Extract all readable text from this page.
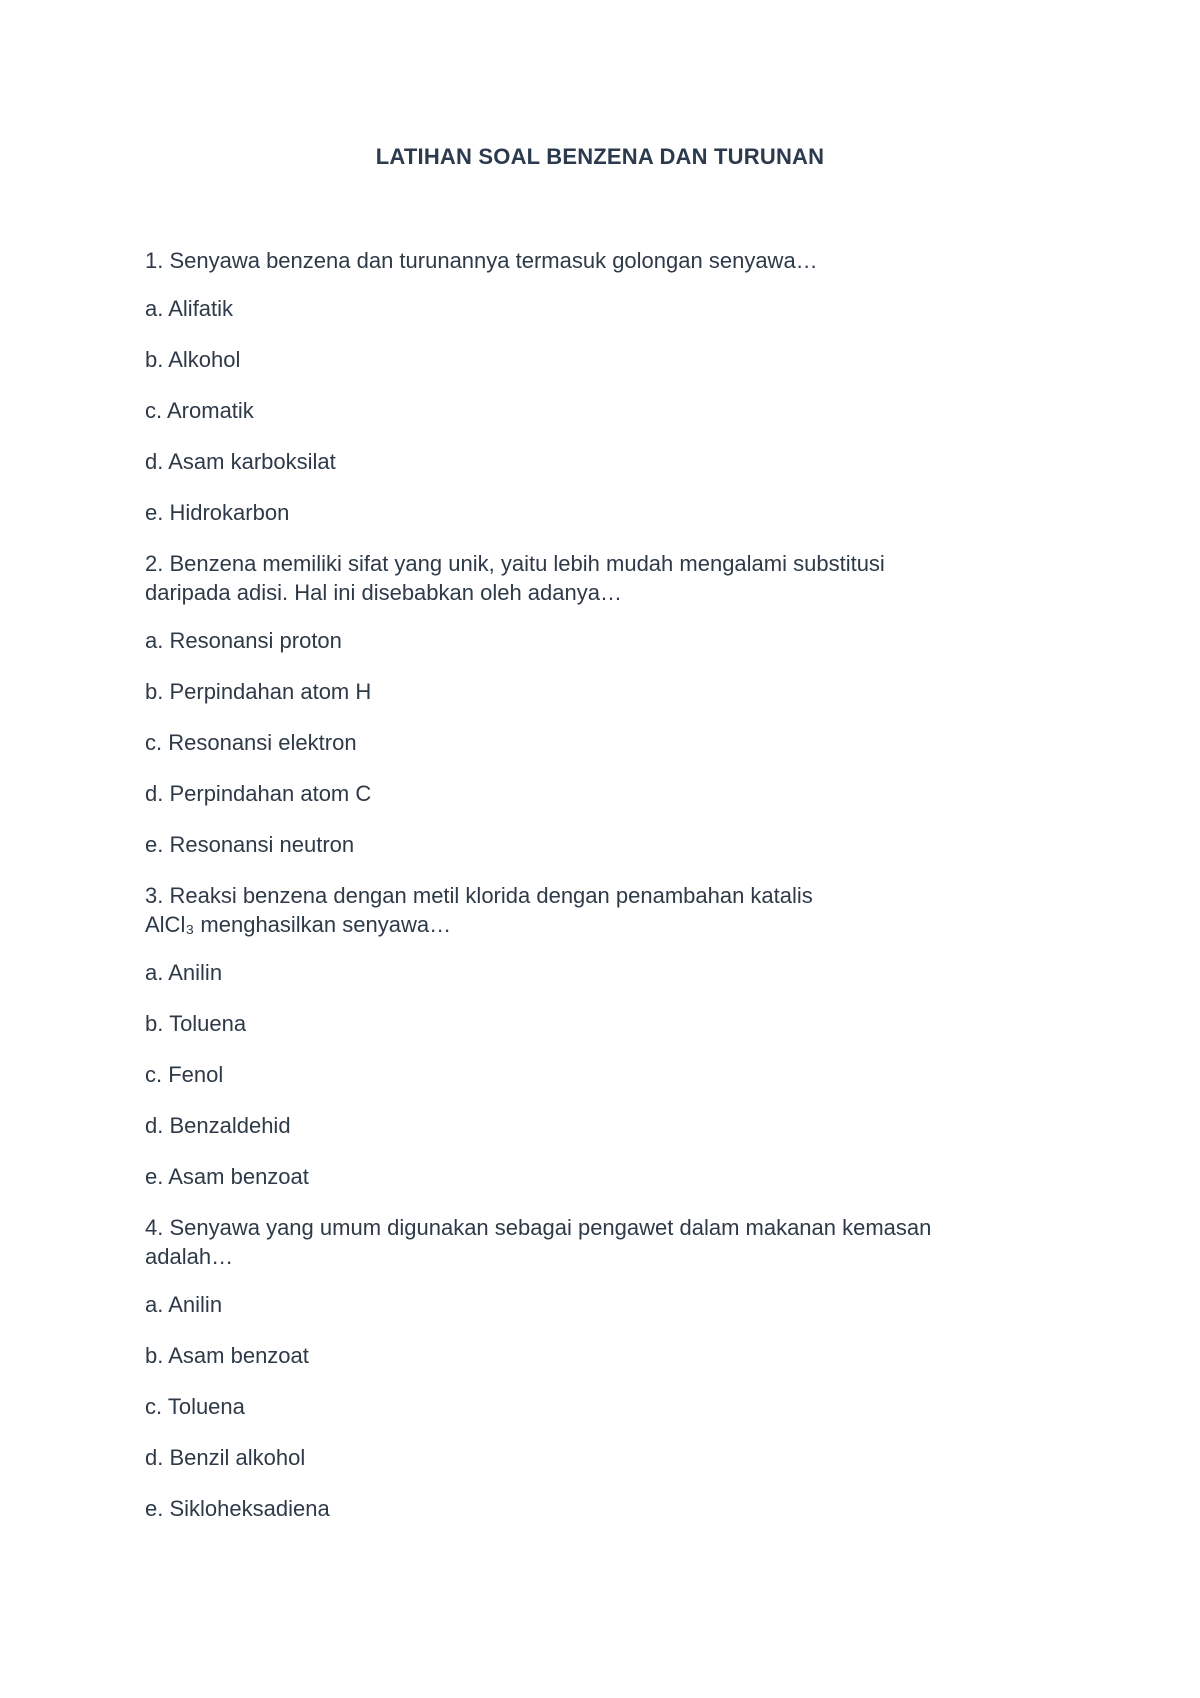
LATIHAN SOAL BENZENA DAN TURUNAN
1. Senyawa benzena dan turunannya termasuk golongan senyawa…
a. Alifatik
b. Alkohol
c. Aromatik
d. Asam karboksilat
e. Hidrokarbon
2. Benzena memiliki sifat yang unik, yaitu lebih mudah mengalami substitusi
daripada adisi. Hal ini disebabkan oleh adanya…
a. Resonansi proton
b. Perpindahan atom H
c. Resonansi elektron
d. Perpindahan atom C
e. Resonansi neutron
3. Reaksi benzena dengan metil klorida dengan penambahan katalis
AlCl₃ menghasilkan senyawa…
a. Anilin
b. Toluena
c. Fenol
d. Benzaldehid
e. Asam benzoat
4. Senyawa yang umum digunakan sebagai pengawet dalam makanan kemasan
adalah…
a. Anilin
b. Asam benzoat
c. Toluena
d. Benzil alkohol
e. Sikloheksadiena
